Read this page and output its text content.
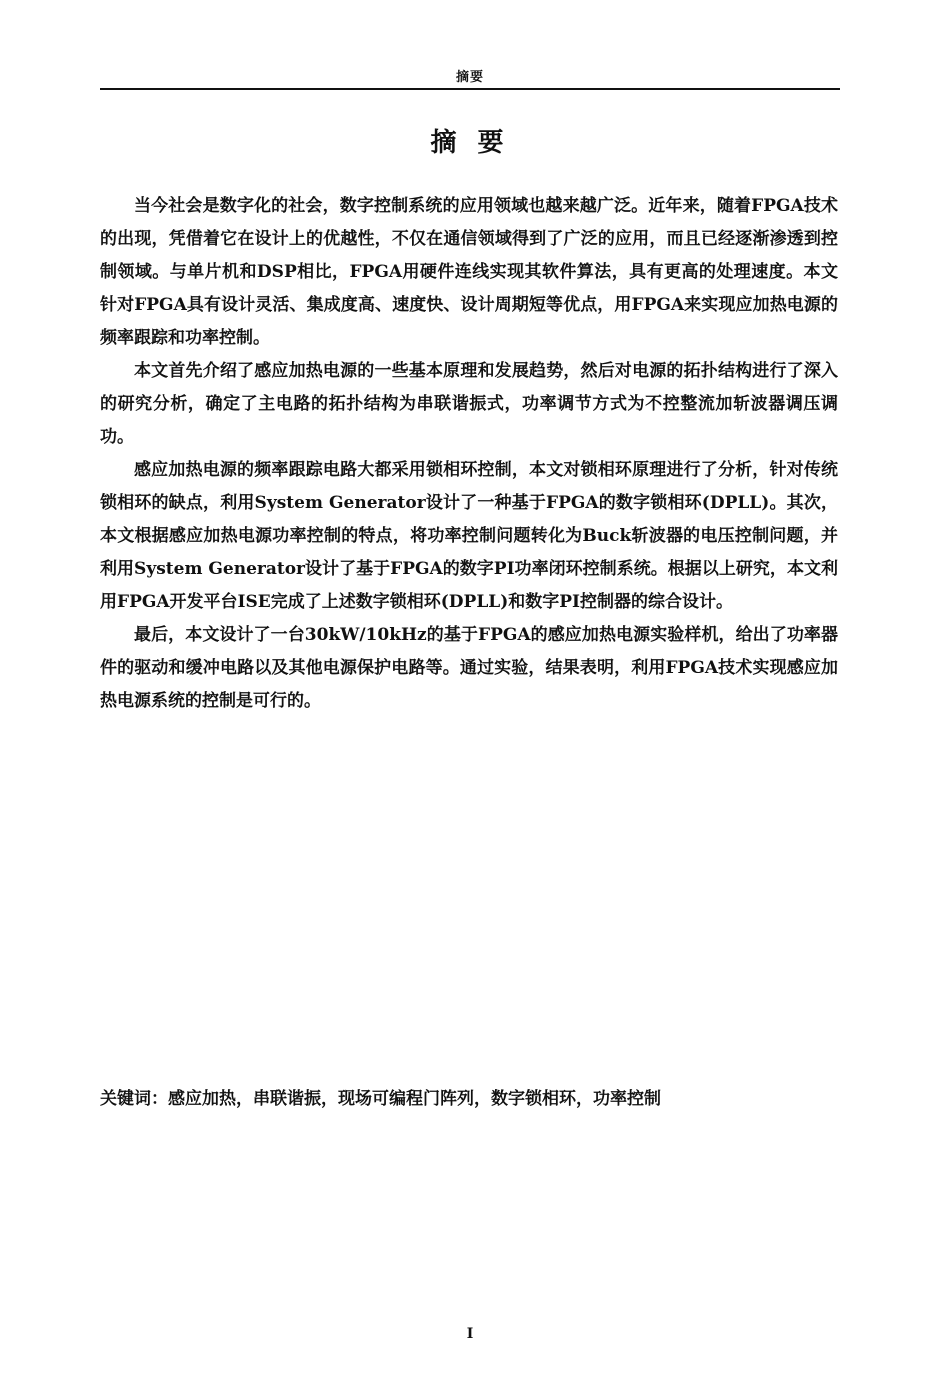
摘要
摘 要

当今社会是数字化的社会，数字控制系统的应用领域也越来越广泛。近年来，随着FPGA技术的出现，凭借着它在设计上的优越性，不仅在通信领域得到了广泛的应用，而且已经逐渐渗透到控制领域。与单片机和DSP相比，FPGA用硬件连线实现其软件算法，具有更高的处理速度。本文针对FPGA具有设计灵活、集成度高、速度快、设计周期短等优点，用FPGA来实现应加热电源的频率跟踪和功率控制。

本文首先介绍了感应加热电源的一些基本原理和发展趋势，然后对电源的拓扑结构进行了深入的研究分析，确定了主电路的拓扑结构为串联谐振式，功率调节方式为不控整流加斩波器调压调功。

感应加热电源的频率跟踪电路大都采用锁相环控制，本文对锁相环原理进行了分析，针对传统锁相环的缺点，利用System Generator设计了一种基于FPGA的数字锁相环(DPLL)。其次，本文根据感应加热电源功率控制的特点，将功率控制问题转化为Buck斩波器的电压控制问题，并利用System Generator设计了基于FPGA的数字PI功率闭环控制系统。根据以上研究，本文利用FPGA开发平台ISE完成了上述数字锁相环(DPLL)和数字PI控制器的综合设计。

最后，本文设计了一台30kW/10kHz的基于FPGA的感应加热电源实验样机，给出了功率器件的驱动和缓冲电路以及其他电源保护电路等。通过实验，结果表明，利用FPGA技术实现感应加热电源系统的控制是可行的。

关键词：感应加热，串联谐振，现场可编程门阵列，数字锁相环，功率控制
I
